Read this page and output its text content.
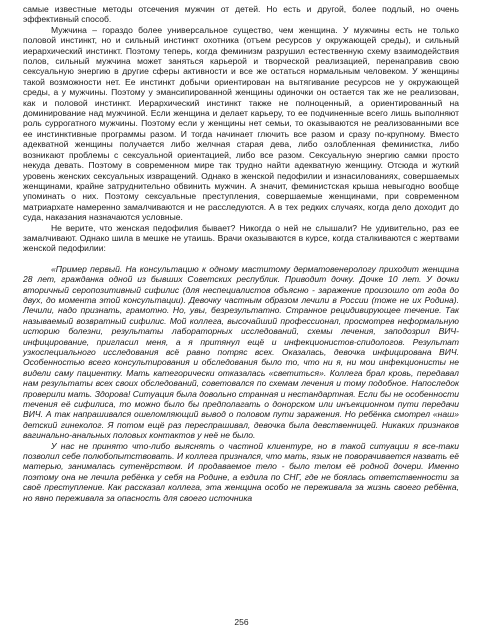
самые известные методы отсечения мужчин от детей. Но есть и другой, более подлый, но очень эффективный способ.

Мужчина – гораздо более универсальное существо, чем женщина. У мужчины есть не только половой инстинкт, но и сильный инстинкт охотника (отъем ресурсов у окружающей среды), и сильный иерархический инстинкт. Поэтому теперь, когда феминизм разрушил естественную схему взаимодействия полов, сильный мужчина может заняться карьерой и творческой реализацией, перенаправив свою сексуальную энергию в другие сферы активности и все же остаться нормальным человеком. У женщины такой возможности нет. Ее инстинкт добычи ориентирован на вытягивание ресурсов не у окружающей среды, а у мужчины. Поэтому у эмансипированной женщины одиночки он остается так же не реализован, как и половой инстинкт. Иерархический инстинкт также не полноценный, а ориентированный на доминирование над мужчиной. Если женщина и делает карьеру, то ее подчиненные всего лишь выполняют роль суррогатного мужчины. Поэтому если у женщины нет семьи, то оказываются не реализованными все ее инстинктивные программы разом. И тогда начинает глючить все разом и сразу по-крупному. Вместо адекватной женщины получается либо желчная старая дева, либо озлобленная феминистка, либо возникают проблемы с сексуальной ориентацией, либо все разом. Сексуальную энергию самки просто некуда девать. Поэтому в современном мире так трудно найти адекватную женщину. Отсюда и жуткий уровень женских сексуальных извращений. Однако в женской педофилии и изнасилованиях, совершаемых женщинами, крайне затруднительно обвинить мужчин. А значит, феминистская крыша невыгодно вообще упоминать о них. Поэтому сексуальные преступления, совершаемые женщинами, при современном матриархате намеренно замалчиваются и не расследуются. А в тех редких случаях, когда дело доходит до суда, наказания назначаются условные.

Не верите, что женская педофилия бывает? Никогда о ней не слышали? Не удивительно, раз ее замалчивают. Однако шила в мешке не утаишь. Врачи оказываются в курсе, когда сталкиваются с жертвами женской педофилии:

«Пример первый. На консультацию к одному маститому дерматовенерологу приходит женщина 28 лет, гражданка одной из бывших Советских республик. Приводит дочку. Дочке 10 лет. У дочки вторичный серопозитивный сифилис (для неспециалистов объясню - заражение произошло от года до двух, до момента этой консультации). Девочку частным образом лечили в России (тоже не их Родина). Лечили, надо признать, грамотно. Но, увы, безрезультатно. Странное рецидивирующее течение. Так называемый возвратный сифилис. Мой коллега, высочайший профессионал, просмотрев неформальную историю болезни, результаты лабораторных исследований, схемы лечения, заподозрил ВИЧ-инфицирование, пригласил меня, а я притянул ещё и инфекционистов-спидологов. Результат узкоспециального исследования всё равно потряс всех. Оказалась, девочка инфицирована ВИЧ. Особенностью всего консультирования и обследования было то, что ни я, ни мои инфекционисты не видели саму пациентку. Мать категорически отказалась «светиться». Коллега брал кровь, передавал нам результаты всех своих обследований, советовался по схемам лечения и тому подобное. Напоследок проверили мать. Здорова! Ситуация была довольно странная и нестандартная. Если бы не особенности течения её сифилиса, то можно было бы предполагать о донорском или инъекционном пути передачи ВИЧ. А так напрашивался ошеломляющий вывод о половом пути заражения. Но ребёнка смотрел «наш» детский гинеколог. Я потом ещё раз переспрашивал, девочка была девственницей. Никаких признаков вагинально-анальных половых контактов у неё не было.

У нас не принято что-либо выяснять о частной клиентуре, но в такой ситуации я все-таки позволил себе полюбопытствовать. И коллега признался, что мать, язык не поворачивается назвать её матерью, занималась сутенёрством. И продаваемое тело - было телом её родной дочери. Именно поэтому она не лечила ребёнка у себя на Родине, а ездила по СНГ, где не боялась ответственности за своё преступление. Как рассказал коллега, эта женщина особо не переживала за жизнь своего ребёнка, но явно переживала за опасность для своего источника

256
